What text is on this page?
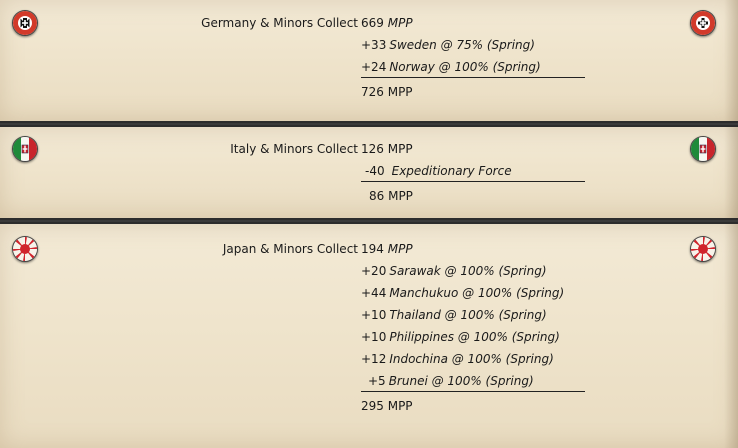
Germany & Minors Collect 669 MPP
+33 Sweden @ 75% (Spring)
+24 Norway @ 100% (Spring)
726 MPP
Italy & Minors Collect 126 MPP
-40 Expeditionary Force
86 MPP
Japan & Minors Collect 194 MPP
+20 Sarawak @ 100% (Spring)
+44 Manchukuo @ 100% (Spring)
+10 Thailand @ 100% (Spring)
+10 Philippines @ 100% (Spring)
+12 Indochina @ 100% (Spring)
+5 Brunei @ 100% (Spring)
295 MPP
